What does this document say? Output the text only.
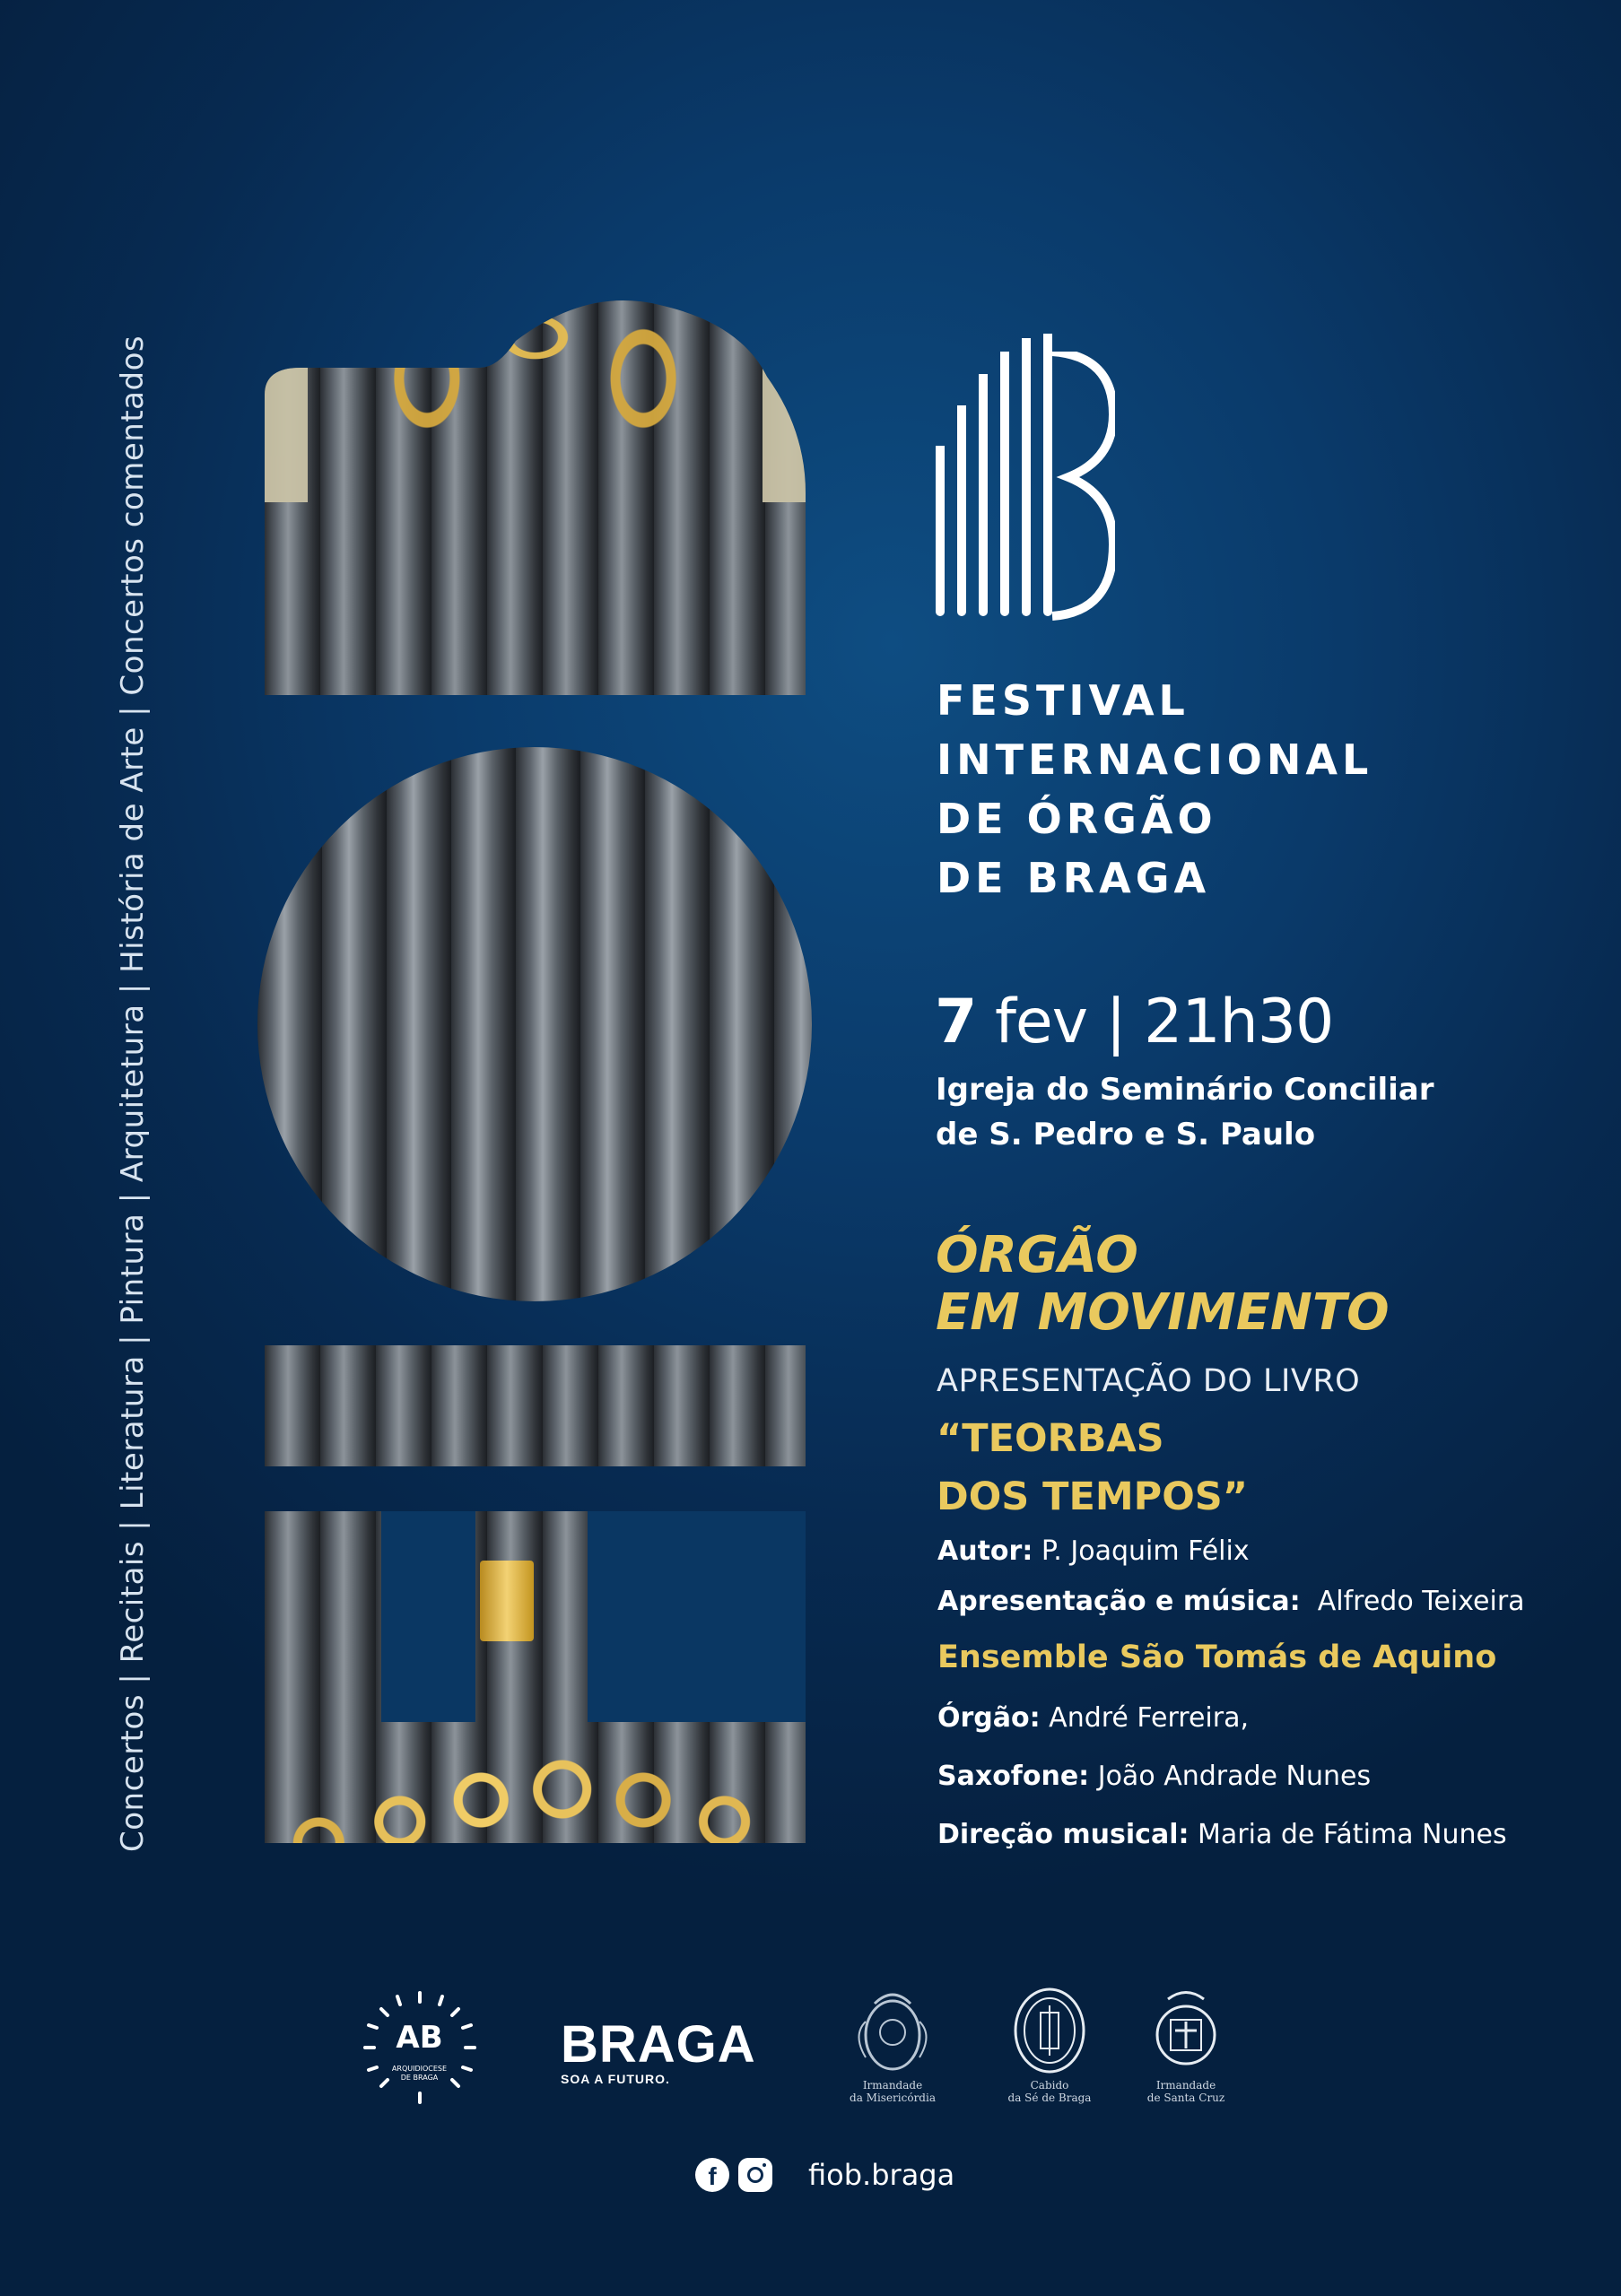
Concertos | Recitais | Literatura | Pintura | Arquitetura | História de Arte | Concertos comentados	FESTIVAL
INTERNACIONAL
DE ÓRGÃO
DE BRAGA
7 fev | 21h30
Igreja do Seminário Conciliar
de S. Pedro e S. Paulo
ÓRGÃO
EM MOVIMENTO
APRESENTAÇÃO DO LIVRO
“TEORBAS
DOS TEMPOS”
Autor: P. Joaquim Félix
Apresentação e música: Alfredo Teixeira
Ensemble São Tomás de Aquino
Órgão: André Ferreira,
Saxofone: João Andrade Nunes
Direção musical: Maria de Fátima Nunes
AB
ARQUIDIOCESE
DE BRAGA
BRAGA
SOA A FUTURO.	Irmandade
da Misericórdia
Cabido
da Sé de Braga
Irmandade
de Santa Cruz
f	fiob.braga
